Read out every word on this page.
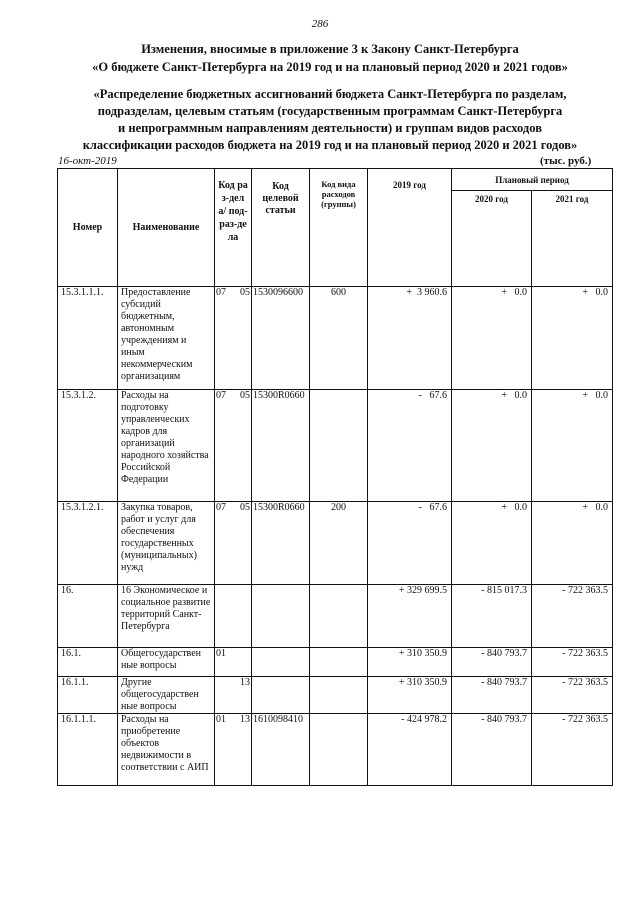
286
Изменения, вносимые в приложение 3 к Закону Санкт-Петербурга
«О бюджете Санкт-Петербурга на 2019 год и на плановый период 2020 и 2021 годов»
«Распределение бюджетных ассигнований бюджета Санкт-Петербурга по разделам,
подразделам, целевым статьям (государственным программам Санкт-Петербурга
и непрограммным направлениям деятельности) и группам видов расходов
классификации расходов бюджета на 2019 год и на плановый период 2020 и 2021 годов»
16-окт-2019	(тыс. руб.)
Номер	Наименование	Код раз-дела/ под-раз-дела	Код целевой статьи	Код вида расходов (группы)	2019 год	Плановый период	
						2020 год	2021 год
15.3.1.1.1.	Предоставление субсидий бюджетным, автономным учреждениям и иным некоммерческим организациям	07 05	1530096600	600	+  3 960.6	+   0.0	+   0.0
15.3.1.2.	Расходы на подготовку управленческих кадров для организаций народного хозяйства Российской Федерации	07 05	15300R0660		-   67.6	+   0.0	+   0.0
15.3.1.2.1.	Закупка товаров, работ и услуг для обеспечения государственных (муниципальных) нужд	07 05	15300R0660	200	-   67.6	+   0.0	+   0.0
16.	16 Экономическое и социальное развитие территорий Санкт-Петербурга				+ 329 699.5	- 815 017.3	- 722 363.5
16.1.	Общегосударствен ные вопросы	01			+ 310 350.9	- 840 793.7	- 722 363.5
16.1.1.	Другие общегосударствен ные вопросы	13			+ 310 350.9	- 840 793.7	- 722 363.5
16.1.1.1.	Расходы на приобретение объектов недвижимости в соответствии с АИП	01 13	1610098410		- 424 978.2	- 840 793.7	- 722 363.5
